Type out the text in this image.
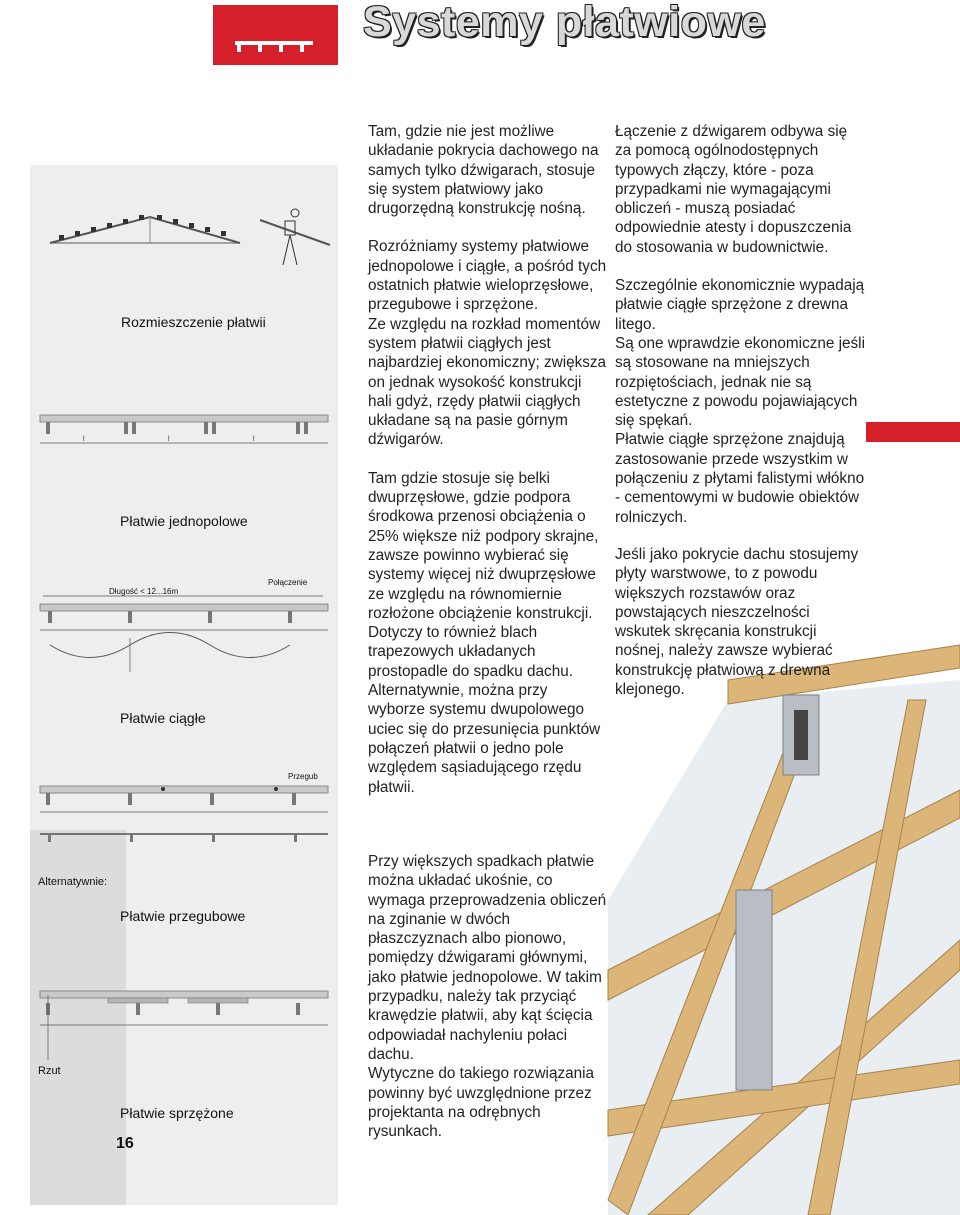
Systemy płatwiowe
Rozmieszczenie płatwii
l	l	l
Płatwie jednopolowe
Długość < 12...16m
Połączenie
Płatwie ciągłe
Przegub
Alternatywnie:
Płatwie przegubowe
Rzut
Płatwie sprzężone

Tam, gdzie nie jest możliwe układanie pokrycia dachowego na samych tylko dźwigarach, stosuje się system płatwiowy jako drugorzędną konstrukcję nośną.

Rozróżniamy systemy płatwiowe jednopolowe i ciągłe, a pośród tych ostatnich płatwie wieloprzęsłowe, przegubowe i sprzężone.

Ze względu na rozkład momentów system płatwii ciągłych jest najbardziej ekonomiczny; zwiększa on jednak wysokość konstrukcji hali gdyż, rzędy płatwii ciągłych układane są na pasie górnym dźwigarów.

Tam gdzie stosuje się belki dwuprzęsłowe, gdzie podpora środkowa przenosi obciążenia o 25% większe niż podpory skrajne, zawsze powinno wybierać się systemy więcej niż dwuprzęsłowe ze względu na równomiernie rozłożone obciążenie konstrukcji.

Dotyczy to również blach trapezowych układanych prostopadle do spadku dachu.

Alternatywnie, można przy wyborze systemu dwupolowego uciec się do przesunięcia punktów połączeń płatwii o jedno pole względem sąsiadującego rzędu płatwii.

Przy większych spadkach płatwie można układać ukośnie, co wymaga przeprowadzenia obliczeń na zginanie w dwóch płaszczyznach albo pionowo, pomiędzy dźwigarami głównymi, jako płatwie jednopolowe. W takim przypadku, należy tak przyciąć krawędzie płatwii, aby kąt ścięcia odpowiadał nachyleniu połaci dachu.

Wytyczne do takiego rozwiązania powinny być uwzględnione przez projektanta na odrębnych rysunkach.

Łączenie z dźwigarem odbywa się za pomocą ogólnodostępnych typowych złączy, które - poza przypadkami nie wymagającymi obliczeń - muszą posiadać odpowiednie atesty i dopuszczenia do stosowania w budownictwie.

Szczególnie ekonomicznie wypadają płatwie ciągłe sprzężone z drewna litego.

Są one wprawdzie ekonomiczne jeśli są stosowane na mniejszych rozpiętościach, jednak nie są estetyczne z powodu pojawiających się spękań.

Płatwie ciągłe sprzężone znajdują zastosowanie przede wszystkim w połączeniu z płytami falistymi włókno - cementowymi w budowie obiektów rolniczych.

Jeśli jako pokrycie dachu stosujemy płyty warstwowe, to z powodu większych rozstawów oraz powstających nieszczelności wskutek skręcania konstrukcji nośnej, należy zawsze wybierać konstrukcję płatwiową z drewna klejonego.

16
